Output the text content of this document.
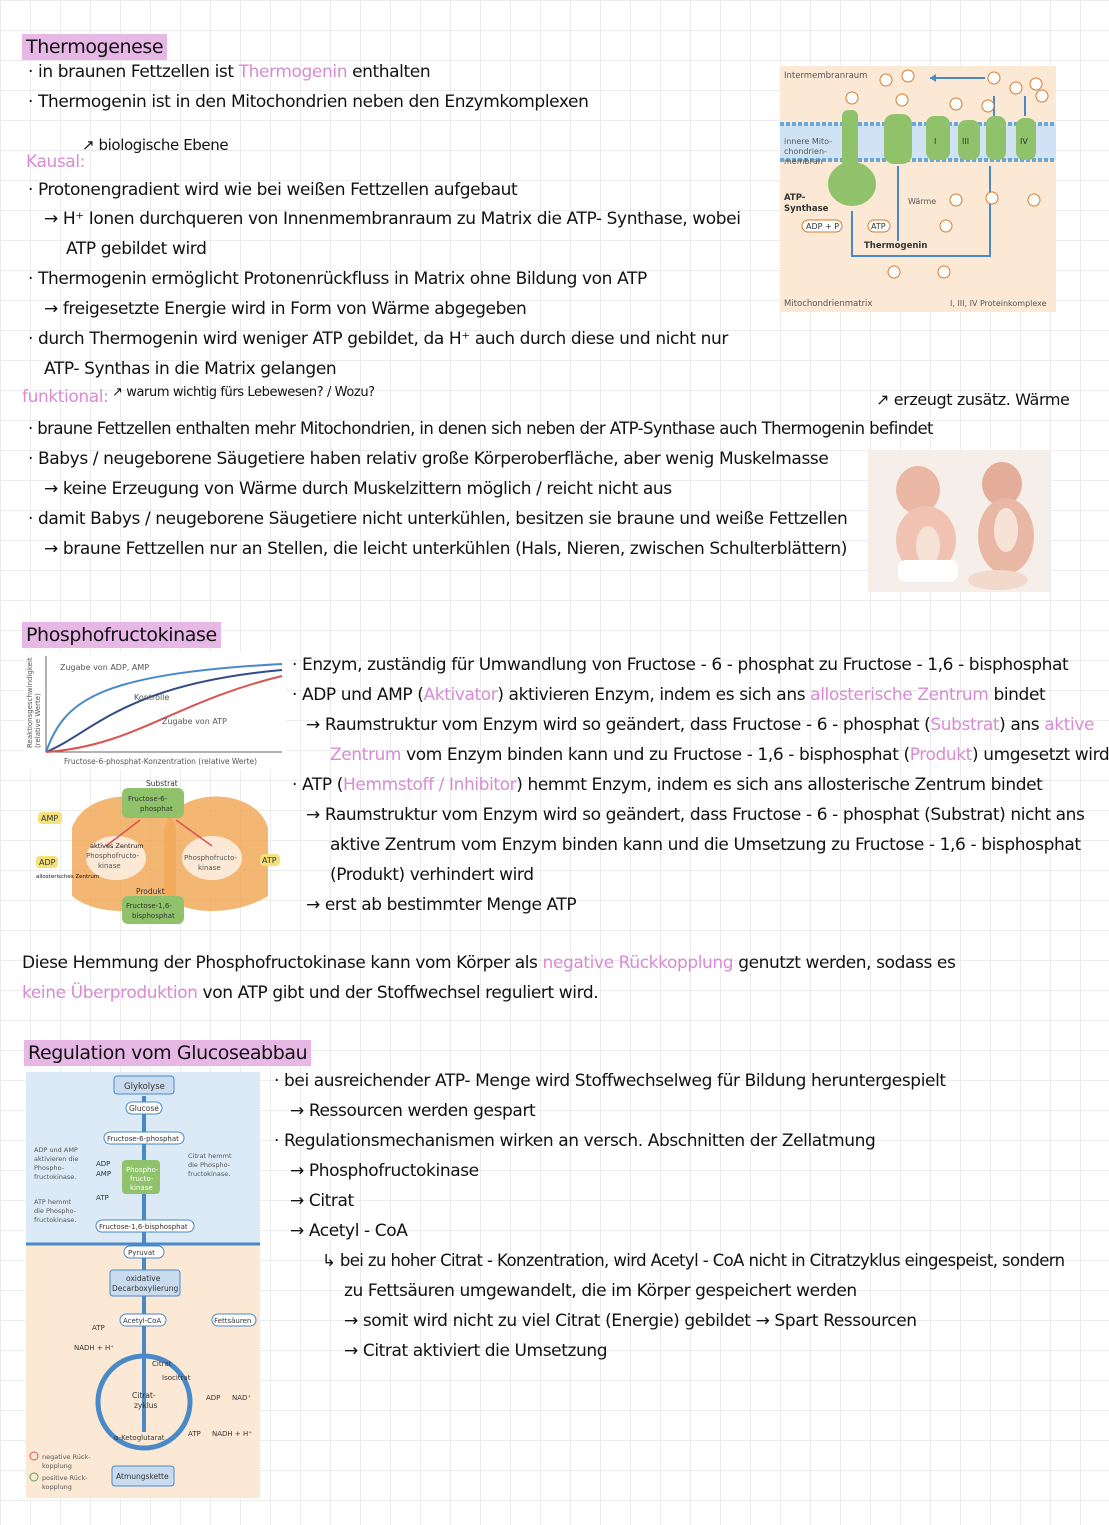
Thermogenese
· in braunen Fettzellen ist Thermogenin enthalten
· Thermogenin ist in den Mitochondrien neben den Enzymkomplexen
Kausal:
↗ biologische Ebene
· Protonengradient wird wie bei weißen Fettzellen aufgebaut
→ H⁺ Ionen durchqueren von Innenmembranraum zu Matrix die ATP- Synthase, wobei
ATP gebildet wird
· Thermogenin ermöglicht Protonenrückfluss in Matrix ohne Bildung von ATP
→ freigesetzte Energie wird in Form von Wärme abgegeben
· durch Thermogenin wird weniger ATP gebildet, da H⁺ auch durch diese und nicht nur
ATP- Synthas in die Matrix gelangen
funktional: ↗ warum wichtig fürs Lebewesen? / Wozu?	↗ erzeugt zusätz. Wärme
· braune Fettzellen enthalten mehr Mitochondrien, in denen sich neben der ATP-Synthase auch Thermogenin befindet
· Babys / neugeborene Säugetiere haben relativ große Körperoberfläche, aber wenig Muskelmasse
→ keine Erzeugung von Wärme durch Muskelzittern möglich / reicht nicht aus
· damit Babys / neugeborene Säugetiere nicht unterkühlen, besitzen sie braune und weiße Fettzellen
→ braune Fettzellen nur an Stellen, die leicht unterkühlen (Hals, Nieren, zwischen Schulterblättern)
Intermembranraum
innere Mito-
chondrien-
membran
ATP-
Synthase
ADP + P	ATP
Thermogenin
Wärme
I	III	IV
Mitochondrienmatrix	I, III, IV Proteinkomplexe
Phosphofructokinase
· Enzym, zuständig für Umwandlung von Fructose - 6 - phosphat zu Fructose - 1,6 - bisphosphat
· ADP und AMP (Aktivator) aktivieren Enzym, indem es sich ans allosterische Zentrum bindet
→ Raumstruktur vom Enzym wird so geändert, dass Fructose - 6 - phosphat (Substrat) ans aktive
Zentrum vom Enzym binden kann und zu Fructose - 1,6 - bisphosphat (Produkt) umgesetzt wird
· ATP (Hemmstoff / Inhibitor) hemmt Enzym, indem es sich ans allosterische Zentrum bindet
→ Raumstruktur vom Enzym wird so geändert, dass Fructose - 6 - phosphat (Substrat) nicht ans
aktive Zentrum vom Enzym binden kann und die Umsetzung zu Fructose - 1,6 - bisphosphat
(Produkt) verhindert wird
→ erst ab bestimmter Menge ATP
Diese Hemmung der Phosphofructokinase kann vom Körper als negative Rückkopplung genutzt werden, sodass es
keine Überproduktion von ATP gibt und der Stoffwechsel reguliert wird.
Zugabe von ADP, AMP
Kontrolle
Zugabe von ATP
Fructose-6-phosphat-Konzentration (relative Werte)
Reaktionsgeschwindigkeit (relative Werte)
AMP
ADP	ATP
Substrat
Fructose-6-
phosphat
Produkt
Fructose-1,6-
bisphosphat
Phosphofructo-
kinase
Phosphofructo-
kinase
aktives Zentrum
allosterisches Zentrum
Regulation vom Glucoseabbau
· bei ausreichender ATP- Menge wird Stoffwechselweg für Bildung heruntergespielt
→ Ressourcen werden gespart
· Regulationsmechanismen wirken an versch. Abschnitten der Zellatmung
→ Phosphofructokinase
→ Citrat
→ Acetyl - CoA
↳ bei zu hoher Citrat - Konzentration, wird Acetyl - CoA nicht in Citratzyklus eingespeist, sondern
zu Fettsäuren umgewandelt, die im Körper gespeichert werden
→ somit wird nicht zu viel Citrat (Energie) gebildet → Spart Ressourcen
→ Citrat aktiviert die Umsetzung
Glykolyse
Glucose
Fructose-6-phosphat
Phospho-
fructo-
kinase
ADP
AMP
ATP
ADP und AMP
aktivieren die
Phospho-
fructokinase.
ATP hemmt
die Phospho-
fructokinase.
Citrat hemmt
die Phospho-
fructokinase.
Fructose-1,6-bisphosphat
Pyruvat
oxidative
Decarboxylierung
Acetyl-CoA	Fettsäuren
ATP
NADH + H⁺
Citrat
Isocitrat
Citrat-
zyklus
ADP NAD⁺
ATP NADH + H⁺
α-Ketoglutarat
Atmungskette
negative Rück-
kopplung
positive Rück-
kopplung
